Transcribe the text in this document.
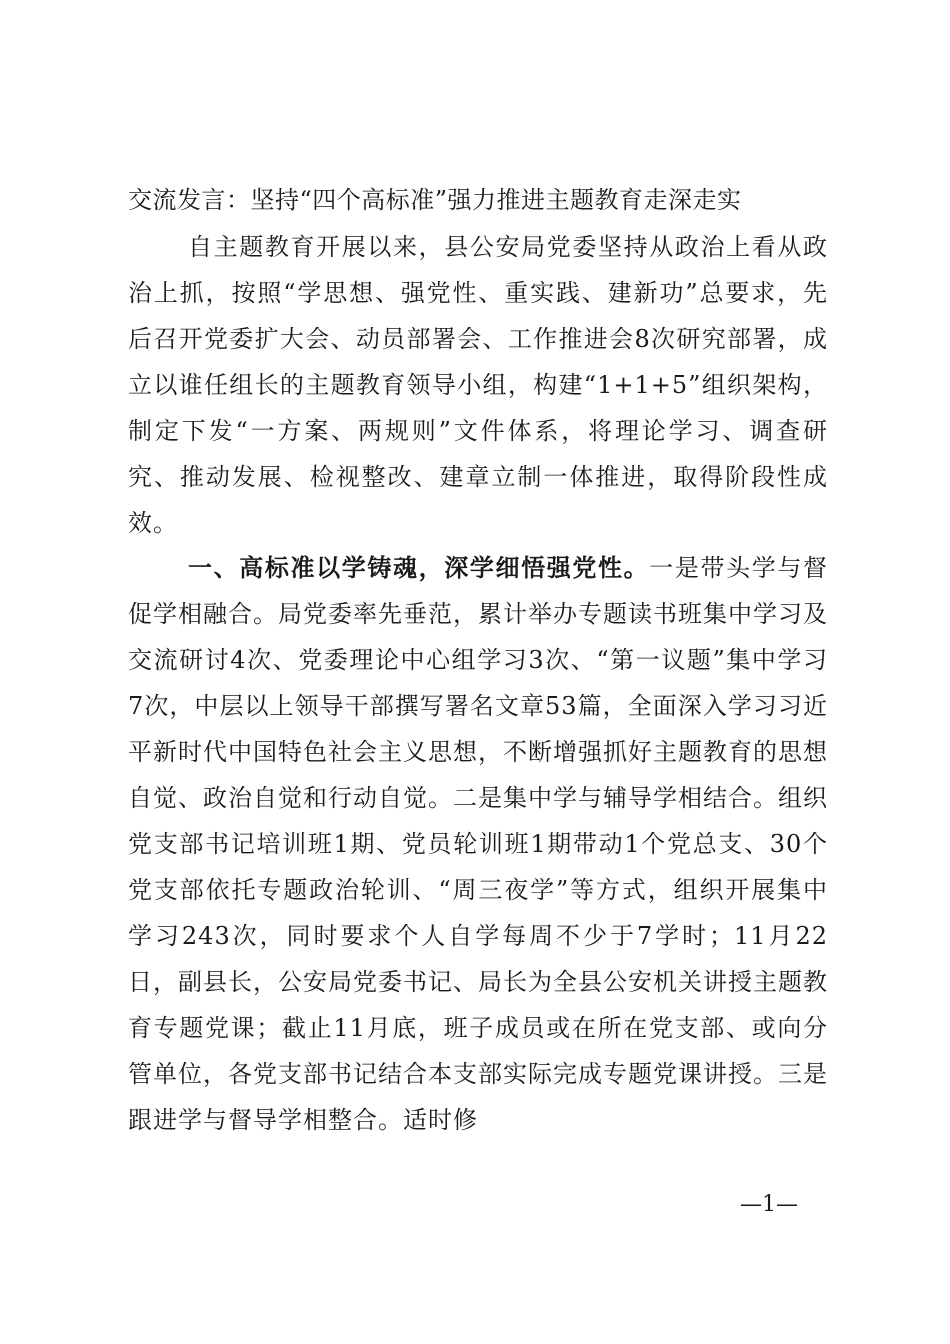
交流发言：坚持“四个高标准”强力推进主题教育走深走实

自主题教育开展以来，县公安局党委坚持从政治上看从政治上抓，按照“学思想、强党性、重实践、建新功”总要求，先后召开党委扩大会、动员部署会、工作推进会8次研究部署，成立以谁任组长的主题教育领导小组，构建“1+1+5”组织架构，制定下发“一方案、两规则”文件体系，将理论学习、调查研究、推动发展、检视整改、建章立制一体推进，取得阶段性成效。

一、高标准以学铸魂，深学细悟强党性。一是带头学与督促学相融合。局党委率先垂范，累计举办专题读书班集中学习及交流研讨4次、党委理论中心组学习3次、“第一议题”集中学习7次，中层以上领导干部撰写署名文章53篇，全面深入学习习近平新时代中国特色社会主义思想，不断增强抓好主题教育的思想自觉、政治自觉和行动自觉。二是集中学与辅导学相结合。组织党支部书记培训班1期、党员轮训班1期带动1个党总支、30个党支部依托专题政治轮训、“周三夜学”等方式，组织开展集中学习243次，同时要求个人自学每周不少于7学时；11月22日，副县长，公安局党委书记、局长为全县公安机关讲授主题教育专题党课；截止11月底，班子成员或在所在党支部、或向分管单位，各党支部书记结合本支部实际完成专题党课讲授。三是跟进学与督导学相整合。适时修

—1—
